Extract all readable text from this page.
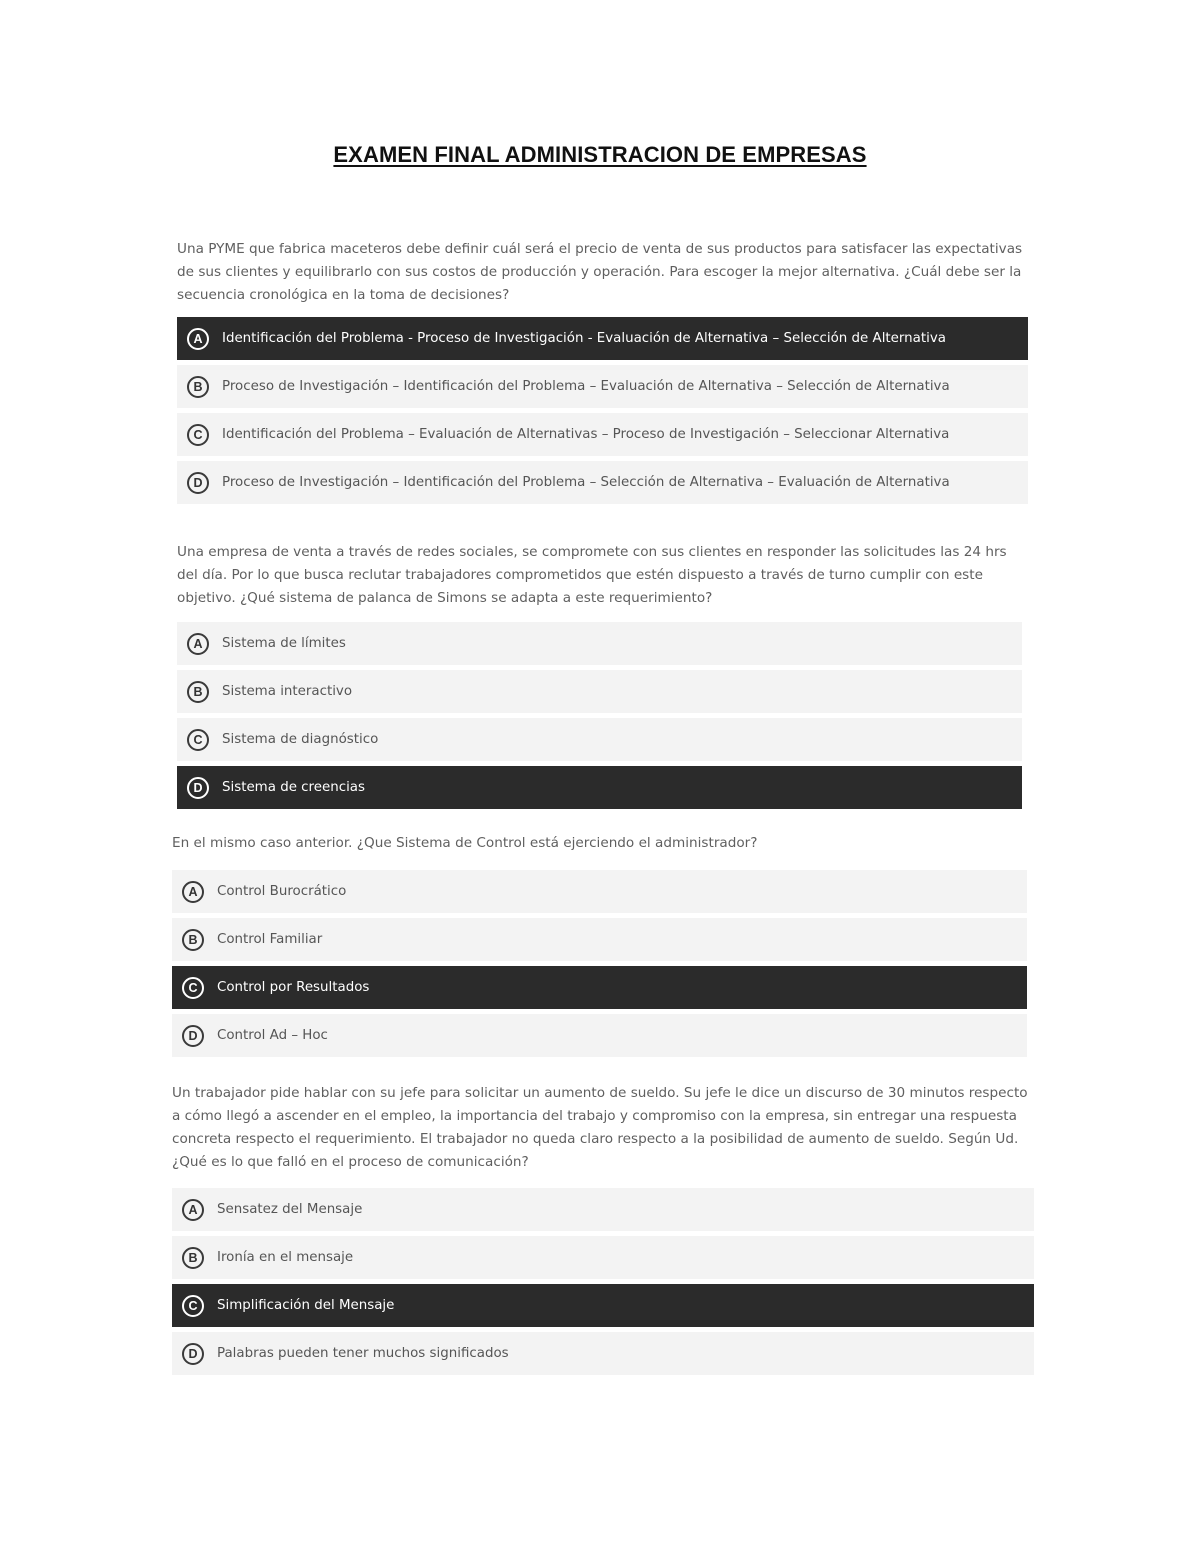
EXAMEN FINAL ADMINISTRACION DE EMPRESAS

Una PYME que fabrica maceteros debe definir cuál será el precio de venta de sus productos para satisfacer las expectativas de sus clientes y equilibrarlo con sus costos de producción y operación. Para escoger la mejor alternativa. ¿Cuál debe ser la secuencia cronológica en la toma de decisiones?

A	Identificación del Problema - Proceso de Investigación - Evaluación de Alternativa – Selección de Alternativa
B	Proceso de Investigación – Identificación del Problema – Evaluación de Alternativa – Selección de Alternativa
C	Identificación del Problema – Evaluación de Alternativas – Proceso de Investigación – Seleccionar Alternativa
D	Proceso de Investigación – Identificación del Problema – Selección de Alternativa – Evaluación de Alternativa

Una empresa de venta a través de redes sociales, se compromete con sus clientes en responder las solicitudes las 24 hrs del día. Por lo que busca reclutar trabajadores comprometidos que estén dispuesto a través de turno cumplir con este objetivo. ¿Qué sistema de palanca de Simons se adapta a este requerimiento?

A	Sistema de límites
B	Sistema interactivo
C	Sistema de diagnóstico
D	Sistema de creencias

En el mismo caso anterior. ¿Que Sistema de Control está ejerciendo el administrador?

A	Control Burocrático
B	Control Familiar
C	Control por Resultados
D	Control Ad – Hoc

Un trabajador pide hablar con su jefe para solicitar un aumento de sueldo. Su jefe le dice un discurso de 30 minutos respecto a cómo llegó a ascender en el empleo, la importancia del trabajo y compromiso con la empresa, sin entregar una respuesta concreta respecto el requerimiento. El trabajador no queda claro respecto a la posibilidad de aumento de sueldo. Según Ud. ¿Qué es lo que falló en el proceso de comunicación?

A	Sensatez del Mensaje
B	Ironía en el mensaje
C	Simplificación del Mensaje
D	Palabras pueden tener muchos significados
